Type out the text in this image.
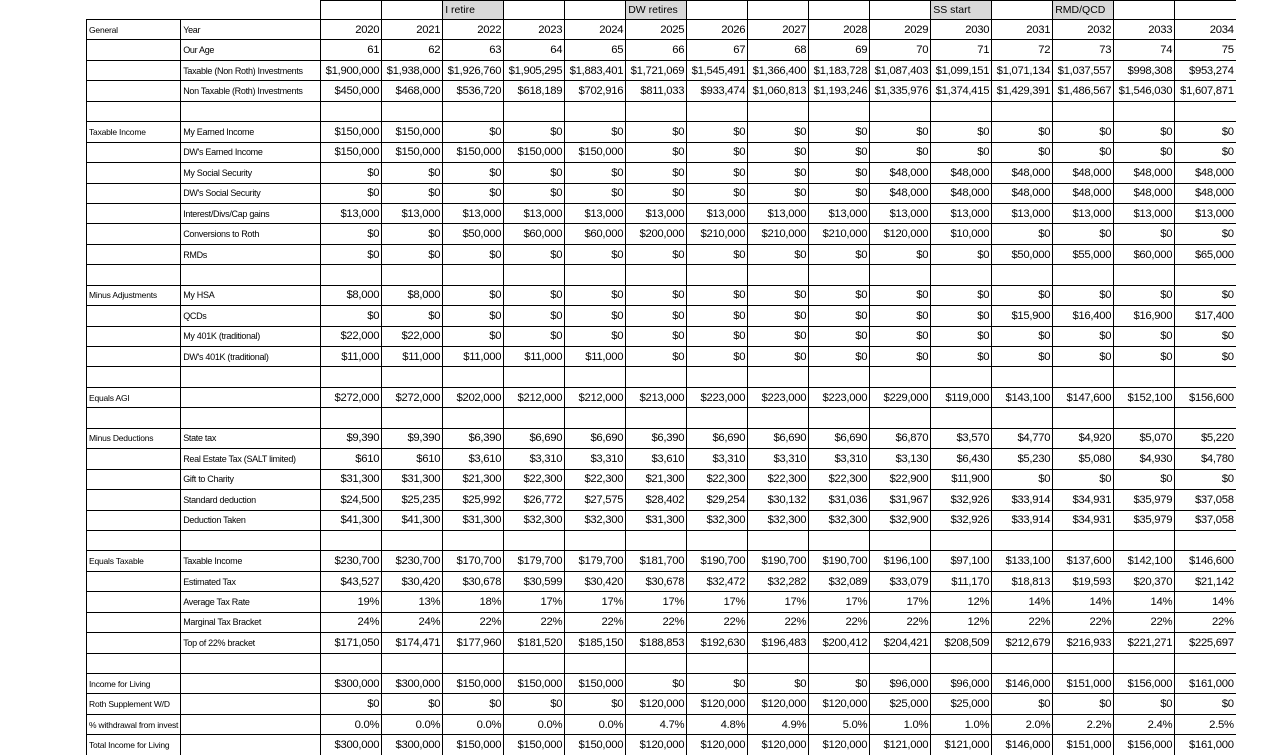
				I retire			DW retires					SS start		RMD/QCD		
General	Year	2020	2021	2022	2023	2024	2025	2026	2027	2028	2029	2030	2031	2032	2033	2034
	Our Age	61	62	63	64	65	66	67	68	69	70	71	72	73	74	75
	Taxable (Non Roth) Investments	$1,900,000	$1,938,000	$1,926,760	$1,905,295	$1,883,401	$1,721,069	$1,545,491	$1,366,400	$1,183,728	$1,087,403	$1,099,151	$1,071,134	$1,037,557	$998,308	$953,274
	Non Taxable (Roth) Investments	$450,000	$468,000	$536,720	$618,189	$702,916	$811,033	$933,474	$1,060,813	$1,193,246	$1,335,976	$1,374,415	$1,429,391	$1,486,567	$1,546,030	$1,607,871

Taxable Income	My Earned Income	$150,000	$150,000	$0	$0	$0	$0	$0	$0	$0	$0	$0	$0	$0	$0	$0
	DW's Earned Income	$150,000	$150,000	$150,000	$150,000	$150,000	$0	$0	$0	$0	$0	$0	$0	$0	$0	$0
	My Social Security	$0	$0	$0	$0	$0	$0	$0	$0	$0	$48,000	$48,000	$48,000	$48,000	$48,000	$48,000
	DW's Social Security	$0	$0	$0	$0	$0	$0	$0	$0	$0	$48,000	$48,000	$48,000	$48,000	$48,000	$48,000
	Interest/Divs/Cap gains	$13,000	$13,000	$13,000	$13,000	$13,000	$13,000	$13,000	$13,000	$13,000	$13,000	$13,000	$13,000	$13,000	$13,000	$13,000
	Conversions to Roth	$0	$0	$50,000	$60,000	$60,000	$200,000	$210,000	$210,000	$210,000	$120,000	$10,000	$0	$0	$0	$0
	RMDs	$0	$0	$0	$0	$0	$0	$0	$0	$0	$0	$0	$50,000	$55,000	$60,000	$65,000

Minus Adjustments	My HSA	$8,000	$8,000	$0	$0	$0	$0	$0	$0	$0	$0	$0	$0	$0	$0	$0
	QCDs	$0	$0	$0	$0	$0	$0	$0	$0	$0	$0	$0	$15,900	$16,400	$16,900	$17,400
	My 401K (traditional)	$22,000	$22,000	$0	$0	$0	$0	$0	$0	$0	$0	$0	$0	$0	$0	$0
	DW's 401K (traditional)	$11,000	$11,000	$11,000	$11,000	$11,000	$0	$0	$0	$0	$0	$0	$0	$0	$0	$0

Equals AGI		$272,000	$272,000	$202,000	$212,000	$212,000	$213,000	$223,000	$223,000	$223,000	$229,000	$119,000	$143,100	$147,600	$152,100	$156,600

Minus Deductions	State tax	$9,390	$9,390	$6,390	$6,690	$6,690	$6,390	$6,690	$6,690	$6,690	$6,870	$3,570	$4,770	$4,920	$5,070	$5,220
	Real Estate Tax (SALT limited)	$610	$610	$3,610	$3,310	$3,310	$3,610	$3,310	$3,310	$3,310	$3,130	$6,430	$5,230	$5,080	$4,930	$4,780
	Gift to Charity	$31,300	$31,300	$21,300	$22,300	$22,300	$21,300	$22,300	$22,300	$22,300	$22,900	$11,900	$0	$0	$0	$0
	Standard deduction	$24,500	$25,235	$25,992	$26,772	$27,575	$28,402	$29,254	$30,132	$31,036	$31,967	$32,926	$33,914	$34,931	$35,979	$37,058
	Deduction Taken	$41,300	$41,300	$31,300	$32,300	$32,300	$31,300	$32,300	$32,300	$32,300	$32,900	$32,926	$33,914	$34,931	$35,979	$37,058

Equals Taxable	Taxable Income	$230,700	$230,700	$170,700	$179,700	$179,700	$181,700	$190,700	$190,700	$190,700	$196,100	$97,100	$133,100	$137,600	$142,100	$146,600
	Estimated Tax	$43,527	$30,420	$30,678	$30,599	$30,420	$30,678	$32,472	$32,282	$32,089	$33,079	$11,170	$18,813	$19,593	$20,370	$21,142
	Average Tax Rate	19%	13%	18%	17%	17%	17%	17%	17%	17%	17%	12%	14%	14%	14%	14%
	Marginal Tax Bracket	24%	24%	22%	22%	22%	22%	22%	22%	22%	22%	12%	22%	22%	22%	22%
	Top of 22% bracket	$171,050	$174,471	$177,960	$181,520	$185,150	$188,853	$192,630	$196,483	$200,412	$204,421	$208,509	$212,679	$216,933	$221,271	$225,697

Income for Living		$300,000	$300,000	$150,000	$150,000	$150,000	$0	$0	$0	$0	$96,000	$96,000	$146,000	$151,000	$156,000	$161,000
Roth Supplement W/D		$0	$0	$0	$0	$0	$120,000	$120,000	$120,000	$120,000	$25,000	$25,000	$0	$0	$0	$0
% withdrawal from invest		0.0%	0.0%	0.0%	0.0%	0.0%	4.7%	4.8%	4.9%	5.0%	1.0%	1.0%	2.0%	2.2%	2.4%	2.5%
Total Income for Living		$300,000	$300,000	$150,000	$150,000	$150,000	$120,000	$120,000	$120,000	$120,000	$121,000	$121,000	$146,000	$151,000	$156,000	$161,000
